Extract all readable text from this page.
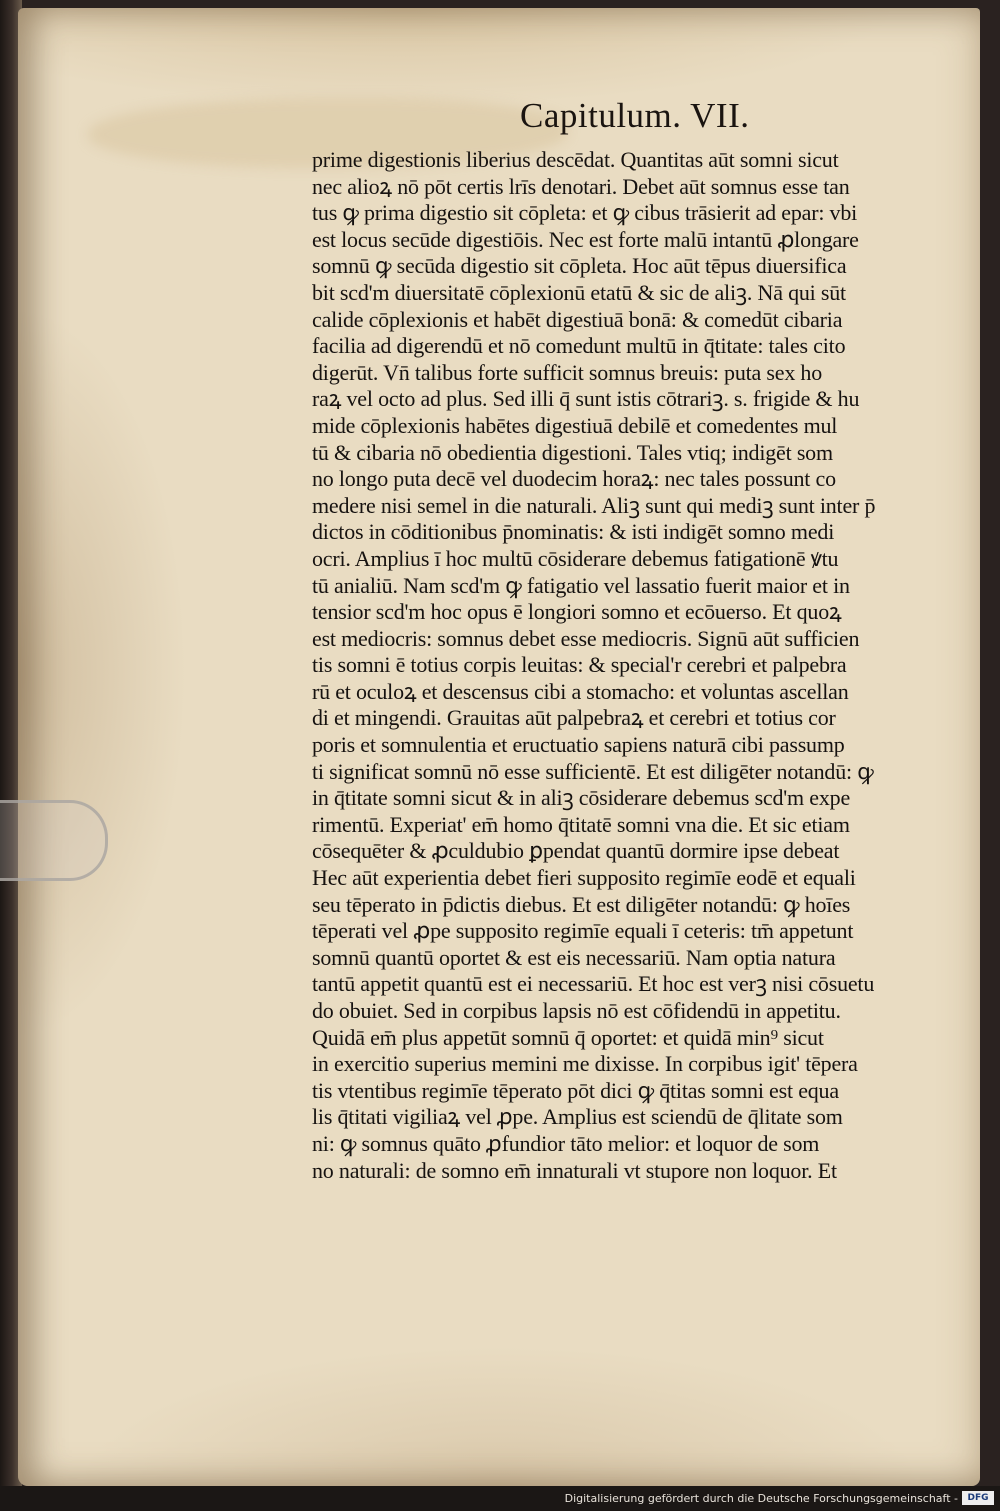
Capitulum. VII.
prime digestionis liberius descēdat. Quantitas aūt somni sicut
nec alioꝝ nō pōt certis lrīs denotari. Debet aūt somnus esse tan
tus ꝙ prima digestio sit cōpleta: et ꝙ cibus trāsierit ad epar: vbi
est locus secūde digestiōis. Nec est forte malū intantū ꝓlongare
somnū ꝙ secūda digestio sit cōpleta. Hoc aūt tēpus diuersifica
bit scd'm diuersitatē cōplexionū etatū & sic de aliꝫ. Nā qui sūt
calide cōplexionis et habēt digestiuā bonā: & comedūt cibaria
facilia ad digerendū et nō comedunt multū in q̄titate: tales cito
digerūt. Vn̄ talibus forte sufficit somnus breuis: puta sex ho
raꝝ vel octo ad plus. Sed illi q̄ sunt istis cōtrariꝫ. s. frigide & hu
mide cōplexionis habētes digestiuā debilē et comedentes mul
tū & cibaria nō obedientia digestioni. Tales vtiq; indigēt som
no longo puta decē vel duodecim horaꝝ: nec tales possunt co
medere nisi semel in die naturali. Aliꝫ sunt qui mediꝫ sunt inter p̄
dictos in cōditionibus p̄nominatis: & isti indigēt somno medi
ocri. Amplius ī hoc multū cōsiderare debemus fatigationē ꝟtu
tū anialiū. Nam scd'm ꝙ fatigatio vel lassatio fuerit maior et in
tensior scd'm hoc opus ē longiori somno et ecōuerso. Et quoꝝ
est mediocris: somnus debet esse mediocris. Signū aūt sufficien
tis somni ē totius corpis leuitas: & special'r cerebri et palpebra
rū et oculoꝝ et descensus cibi a stomacho: et voluntas ascellan
di et mingendi. Grauitas aūt palpebraꝝ et cerebri et totius cor
poris et somnulentia et eructuatio sapiens naturā cibi passump
ti significat somnū nō esse sufficientē. Et est diligēter notandū: ꝙ
in q̄titate somni sicut & in aliꝫ cōsiderare debemus scd'm expe
rimentū. Experiat' em̄ homo q̄titatē somni vna die. Et sic etiam
cōsequēter & ꝓculdubio ꝑpendat quantū dormire ipse debeat
Hec aūt experientia debet fieri supposito regimīe eodē et equali
seu tēperato in p̄dictis diebus. Et est diligēter notandū: ꝙ hoīes
tēperati vel ꝓpe supposito regimīe equali ī ceteris: tm̄ appetunt
somnū quantū oportet & est eis necessariū. Nam optia natura
tantū appetit quantū est ei necessariū. Et hoc est verꝫ nisi cōsuetu
do obuiet. Sed in corpibus lapsis nō est cōfidendū in appetitu.
Quidā em̄ plus appetūt somnū q̄ oportet: et quidā min⁹ sicut
in exercitio superius memini me dixisse. In corpibus igit' tēpera
tis vtentibus regimīe tēperato pōt dici ꝙ q̄titas somni est equa
lis q̄titati vigiliaꝝ vel ꝓpe. Amplius est sciendū de q̄litate som
ni: ꝙ somnus quāto ꝓfundior tāto melior: et loquor de som
no naturali: de somno em̄ innaturali vt stupore non loquor. Et
Digitalisierung gefördert durch die Deutsche Forschungsgemeinschaft -	DFG
